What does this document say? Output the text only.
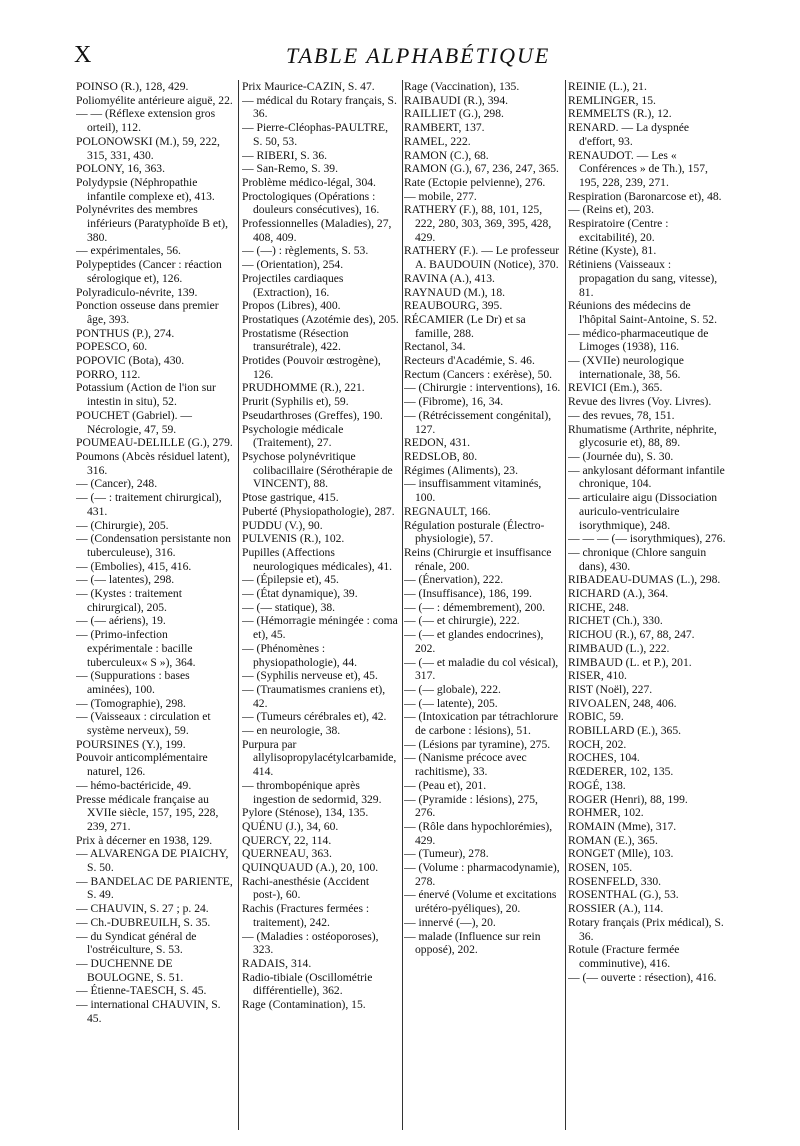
X	TABLE ALPHABÉTIQUE

POINSO (R.), 128, 429.

Poliomyélite antérieure aiguë, 22.

— — (Réflexe extension gros orteil), 112.

POLONOWSKI (M.), 59, 222, 315, 331, 430.

POLONY, 16, 363.

Polydypsie (Néphropathie infantile complexe et), 413.

Polynévrites des membres inférieurs (Paratyphoïde B et), 380.

— expérimentales, 56.

Polypeptides (Cancer : réaction sérologique et), 126.

Polyradiculo-névrite, 139.

Ponction osseuse dans premier âge, 393.

PONTHUS (P.), 274.

POPESCO, 60.

POPOVIC (Bota), 430.

PORRO, 112.

Potassium (Action de l'ion sur intestin in situ), 52.

POUCHET (Gabriel). — Nécrologie, 47, 59.

POUMEAU-DELILLE (G.), 279.

Poumons (Abcès résiduel latent), 316.

— (Cancer), 248.

— (— : traitement chirurgical), 431.

— (Chirurgie), 205.

— (Condensation persistante non tuberculeuse), 316.

— (Embolies), 415, 416.

— (— latentes), 298.

— (Kystes : traitement chirurgical), 205.

— (— aériens), 19.

— (Primo-infection expérimentale : bacille tuberculeux« S »), 364.

— (Suppurations : bases aminées), 100.

— (Tomographie), 298.

— (Vaisseaux : circulation et système nerveux), 59.

POURSINES (Y.), 199.

Pouvoir anticomplémentaire naturel, 126.

— hémo-bactéricide, 49.

Presse médicale française au XVIIe siècle, 157, 195, 228, 239, 271.

Prix à décerner en 1938, 129.

— ALVARENGA DE PIAICHY, S. 50.

— BANDELAC DE PARIENTE, S. 49.

— CHAUVIN, S. 27 ; p. 24.

— Ch.-DUBREUILH, S. 35.

— du Syndicat général de l'ostréiculture, S. 53.

— DUCHENNE DE BOULOGNE, S. 51.

— Étienne-TAESCH, S. 45.

— international CHAUVIN, S. 45.

Prix Maurice-CAZIN, S. 47.

— médical du Rotary français, S. 36.

— Pierre-Cléophas-PAULTRE, S. 50, 53.

— RIBERI, S. 36.

— San-Remo, S. 39.

Problème médico-légal, 304.

Proctologiques (Opérations : douleurs consécutives), 16.

Professionnelles (Maladies), 27, 408, 409.

— (—) : règlements, S. 53.

— (Orientation), 254.

Projectiles cardiaques (Extraction), 16.

Propos (Libres), 400.

Prostatiques (Azotémie des), 205.

Prostatisme (Résection transurétrale), 422.

Protides (Pouvoir œstrogène), 126.

PRUDHOMME (R.), 221.

Prurit (Syphilis et), 59.

Pseudarthroses (Greffes), 190.

Psychologie médicale (Traitement), 27.

Psychose polynévritique colibacillaire (Sérothérapie de VINCENT), 88.

Ptose gastrique, 415.

Puberté (Physiopathologie), 287.

PUDDU (V.), 90.

PULVENIS (R.), 102.

Pupilles (Affections neurologiques médicales), 41.

— (Épilepsie et), 45.

— (État dynamique), 39.

— (— statique), 38.

— (Hémorragie méningée : coma et), 45.

— (Phénomènes : physiopathologie), 44.

— (Syphilis nerveuse et), 45.

— (Traumatismes craniens et), 42.

— (Tumeurs cérébrales et), 42.

— en neurologie, 38.

Purpura par allylisopropylacétylcarbamide, 414.

— thrombopénique après ingestion de sedormid, 329.

Pylore (Sténose), 134, 135.

QUÉNU (J.), 34, 60.

QUERCY, 22, 114.

QUERNEAU, 363.

QUINQUAUD (A.), 20, 100.

Rachi-anesthésie (Accident post-), 60.

Rachis (Fractures fermées : traitement), 242.

— (Maladies : ostéoporoses), 323.

RADAIS, 314.

Radio-tibiale (Oscillométrie différentielle), 362.

Rage (Contamination), 15.

Rage (Vaccination), 135.

RAIBAUDI (R.), 394.

RAILLIET (G.), 298.

RAMBERT, 137.

RAMEL, 222.

RAMON (C.), 68.

RAMON (G.), 67, 236, 247, 365.

Rate (Ectopie pelvienne), 276.

— mobile, 277.

RATHERY (F.), 88, 101, 125, 222, 280, 303, 369, 395, 428, 429.

RATHERY (F.). — Le professeur A. BAUDOUIN (Notice), 370.

RAVINA (A.), 413.

RAYNAUD (M.), 18.

REAUBOURG, 395.

RÉCAMIER (Le Dr) et sa famille, 288.

Rectanol, 34.

Recteurs d'Académie, S. 46.

Rectum (Cancers : exérèse), 50.

— (Chirurgie : interventions), 16.

— (Fibrome), 16, 34.

— (Rétrécissement congénital), 127.

REDON, 431.

REDSLOB, 80.

Régimes (Aliments), 23.

— insuffisamment vitaminés, 100.

REGNAULT, 166.

Régulation posturale (Électro-physiologie), 57.

Reins (Chirurgie et insuffisance rénale, 200.

— (Énervation), 222.

— (Insuffisance), 186, 199.

— (— : démembrement), 200.

— (— et chirurgie), 222.

— (— et glandes endocrines), 202.

— (— et maladie du col vésical), 317.

— (— globale), 222.

— (— latente), 205.

— (Intoxication par tétrachlorure de carbone : lésions), 51.

— (Lésions par tyramine), 275.

— (Nanisme précoce avec rachitisme), 33.

— (Peau et), 201.

— (Pyramide : lésions), 275, 276.

— (Rôle dans hypochlorémies), 429.

— (Tumeur), 278.

— (Volume : pharmacodynamie), 278.

— énervé (Volume et excitations urétéro-pyéliques), 20.

— innervé (—), 20.

— malade (Influence sur rein opposé), 202.

REINIE (L.), 21.

REMLINGER, 15.

REMMELTS (R.), 12.

RENARD. — La dyspnée d'effort, 93.

RENAUDOT. — Les « Conférences » de Th.), 157, 195, 228, 239, 271.

Respiration (Baronarcose et), 48.

— (Reins et), 203.

Respiratoire (Centre : excitabilité), 20.

Rétine (Kyste), 81.

Rétiniens (Vaisseaux : propagation du sang, vitesse), 81.

Réunions des médecins de l'hôpital Saint-Antoine, S. 52.

— médico-pharmaceutique de Limoges (1938), 116.

— (XVIIe) neurologique internationale, 38, 56.

REVICI (Em.), 365.

Revue des livres (Voy. Livres).

— des revues, 78, 151.

Rhumatisme (Arthrite, néphrite, glycosurie et), 88, 89.

— (Journée du), S. 30.

— ankylosant déformant infantile chronique, 104.

— articulaire aigu (Dissociation auriculo-ventriculaire isorythmique), 248.

— — — (— isorythmiques), 276.

— chronique (Chlore sanguin dans), 430.

RIBADEAU-DUMAS (L.), 298.

RICHARD (A.), 364.

RICHE, 248.

RICHET (Ch.), 330.

RICHOU (R.), 67, 88, 247.

RIMBAUD (L.), 222.

RIMBAUD (L. et P.), 201.

RISER, 410.

RIST (Noël), 227.

RIVOALEN, 248, 406.

ROBIC, 59.

ROBILLARD (E.), 365.

ROCH, 202.

ROCHES, 104.

RŒDERER, 102, 135.

ROGÉ, 138.

ROGER (Henri), 88, 199.

ROHMER, 102.

ROMAIN (Mme), 317.

ROMAN (E.), 365.

RONGET (Mlle), 103.

ROSEN, 105.

ROSENFELD, 330.

ROSENTHAL (G.), 53.

ROSSIER (A.), 114.

Rotary français (Prix médical), S. 36.

Rotule (Fracture fermée comminutive), 416.

— (— ouverte : résection), 416.
